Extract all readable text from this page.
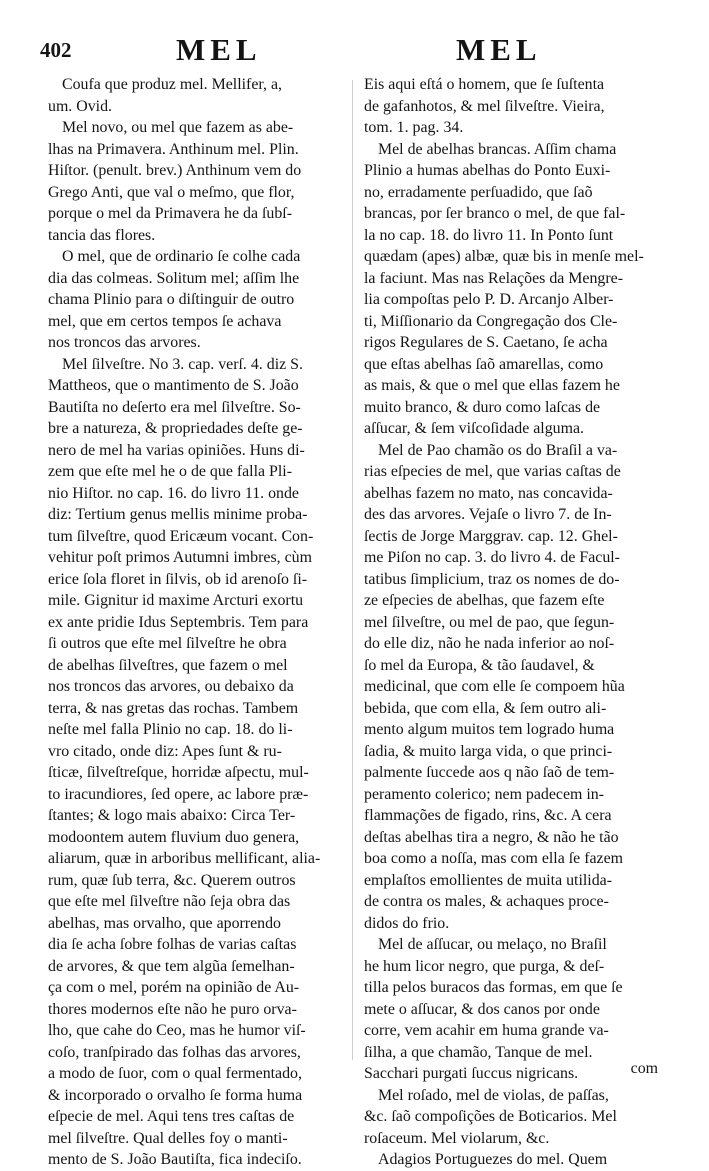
402	MEL	MEL
Coufa que produz mel. Mellifer, a,
um. Ovid.
Mel novo, ou mel que fazem as abe-
lhas na Primavera. Anthinum mel. Plin.
Hiſtor. (penult. brev.) Anthinum vem do
Grego Anti, que val o meſmo, que flor,
porque o mel da Primavera he da ſubſ-
tancia das flores.
O mel, que de ordinario ſe colhe cada
dia das colmeas. Solitum mel; aſſim lhe
chama Plinio para o diſtinguir de outro
mel, que em certos tempos ſe achava
nos troncos das arvores.
Mel ſilveſtre. No 3. cap. verſ. 4. diz S.
Mattheos, que o mantimento de S. João
Bautiſta no deſerto era mel ſilveſtre. So-
bre a natureza, & propriedades deſte ge-
nero de mel ha varias opiniões. Huns di-
zem que eſte mel he o de que falla Pli-
nio Hiſtor. no cap. 16. do livro 11. onde
diz: Tertium genus mellis minime proba-
tum ſilveſtre, quod Ericæum vocant. Con-
vehitur poſt primos Autumni imbres, cùm
erice ſola floret in ſilvis, ob id arenoſo ſi-
mile. Gignitur id maxime Arcturi exortu
ex ante pridie Idus Septembris. Tem para
ſi outros que eſte mel ſilveſtre he obra
de abelhas ſilveſtres, que fazem o mel
nos troncos das arvores, ou debaixo da
terra, & nas gretas das rochas. Tambem
neſte mel falla Plinio no cap. 18. do li-
vro citado, onde diz: Apes ſunt & ru-
ſticæ, ſilveſtreſque, horridæ aſpectu, mul-
to iracundiores, ſed opere, ac labore præ-
ſtantes; & logo mais abaixo: Circa Ter-
modoontem autem fluvium duo genera,
aliarum, quæ in arboribus mellificant, alia-
rum, quæ ſub terra, &c. Querem outros
que eſte mel ſilveſtre não ſeja obra das
abelhas, mas orvalho, que aporrendo
dia ſe acha ſobre folhas de varias caſtas
de arvores, & que tem algũa ſemelhan-
ça com o mel, porém na opinião de Au-
thores modernos eſte não he puro orva-
lho, que cahe do Ceo, mas he humor viſ-
coſo, tranſpirado das folhas das arvores,
a modo de ſuor, com o qual fermentado,
& incorporado o orvalho ſe forma huma
eſpecie de mel. Aqui tens tres caſtas de
mel ſilveſtre. Qual delles foy o manti-
mento de S. João Bautiſta, fica indeciſo.
Eis aqui eſtá o homem, que ſe ſuſtenta
de gafanhotos, & mel ſilveſtre. Vieira,
tom. 1. pag. 34.
Mel de abelhas brancas. Aſſim chama
Plinio a humas abelhas do Ponto Euxi-
no, erradamente perſuadido, que ſaõ
brancas, por ſer branco o mel, de que fal-
la no cap. 18. do livro 11. In Ponto ſunt
quædam (apes) albæ, quæ bis in menſe mel-
la faciunt. Mas nas Relações da Mengre-
lia compoſtas pelo P. D. Arcanjo Alber-
ti, Miſſionario da Congregação dos Cle-
rigos Regulares de S. Caetano, ſe acha
que eſtas abelhas ſaõ amarellas, como
as mais, & que o mel que ellas fazem he
muito branco, & duro como laſcas de
aſſucar, & ſem viſcoſidade alguma.
Mel de Pao chamão os do Braſil a va-
rias eſpecies de mel, que varias caſtas de
abelhas fazem no mato, nas concavida-
des das arvores. Vejaſe o livro 7. de In-
ſectis de Jorge Marggrav. cap. 12. Ghel-
me Piſon no cap. 3. do livro 4. de Facul-
tatibus ſimplicium, traz os nomes de do-
ze eſpecies de abelhas, que fazem eſte
mel ſilveſtre, ou mel de pao, que ſegun-
do elle diz, não he nada inferior ao noſ-
ſo mel da Europa, & tão ſaudavel, &
medicinal, que com elle ſe compoem hũa
bebida, que com ella, & ſem outro ali-
mento algum muitos tem logrado huma
ſadia, & muito larga vida, o que princi-
palmente ſuccede aos q não ſaõ de tem-
peramento colerico; nem padecem in-
flammações de figado, rins, &c. A cera
deſtas abelhas tira a negro, & não he tão
boa como a noſſa, mas com ella ſe fazem
emplaſtos emollientes de muita utilida-
de contra os males, & achaques proce-
didos do frio.
Mel de aſſucar, ou melaço, no Braſil
he hum licor negro, que purga, & deſ-
tilla pelos buracos das formas, em que ſe
mete o aſſucar, & dos canos por onde
corre, vem acahir em huma grande va-
ſilha, a que chamão, Tanque de mel.
Sacchari purgati ſuccus nigricans.
Mel roſado, mel de violas, de paſſas,
&c. ſaõ compoſições de Boticarios. Mel
roſaceum. Mel violarum, &c.
Adagios Portuguezes do mel. Quem
com
